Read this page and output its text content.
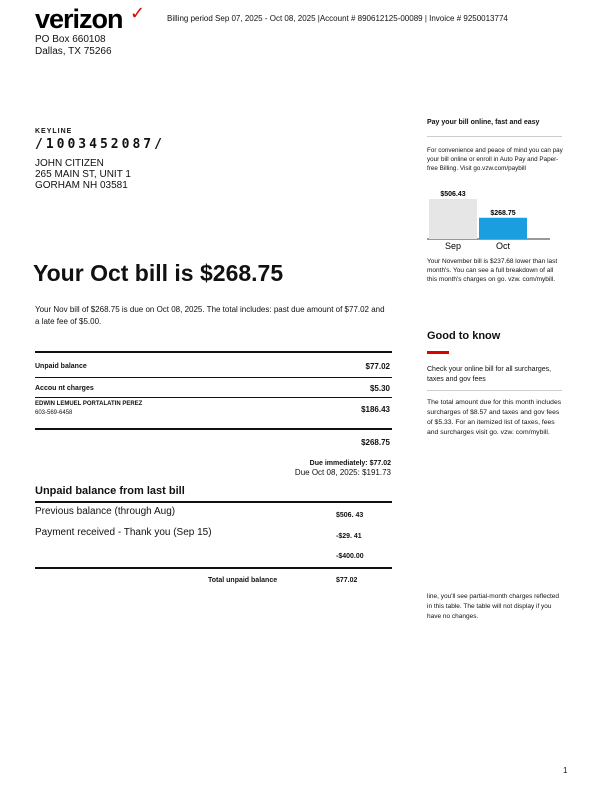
verizon ✓
PO Box 660108
Dallas, TX 75266
Billing period Sep 07, 2025 - Oct 08, 2025 |Account # 890612125-00089 | Invoice # 9250013774
KEYLINE
/1003452087/
JOHN CITIZEN
265 MAIN ST, UNIT 1
GORHAM NH 03581
Your Oct bill is $268.75
Your Nov bill of $268.75 is due on Oct 08, 2025. The total includes: past due amount of $77.02 and a late fee of $5.00.
Unpaid balance	$77.02
Accou nt charges	$5.30
EDWIN LEMUEL PORTALATIN PEREZ
603-569-6458	$186.43
$268.75
Due immediately: $77.02
Due Oct 08, 2025: $191.73
Unpaid balance from last bill
Previous balance (through Aug)	$506. 43
Payment received - Thank you (Sep 15)	-$29. 41
-$400.00
Total unpaid balance	$77.02
Pay your bill online, fast and easy
For convenience and peace of mind you can pay your bill online or enroll in Auto Pay and Paper-free Billing. Visit go.vzw.com/paybill
$506.43
Sep
$268.75
Oct
Your November bill is $237.68 lower than last month's. You can see a full breakdown of all this month's charges on go. vzw. com/mybill.
Good to know
Check your online bill for all surcharges, taxes and gov fees
The total amount due for this month includes surcharges of $8.57 and taxes and gov fees of $5.33. For an itemized list of taxes, fees and surcharges visit go. vzw. com/mybill.
line, you'll see partial-month charges reflected in this table. The table will not display if you have no changes.
1
